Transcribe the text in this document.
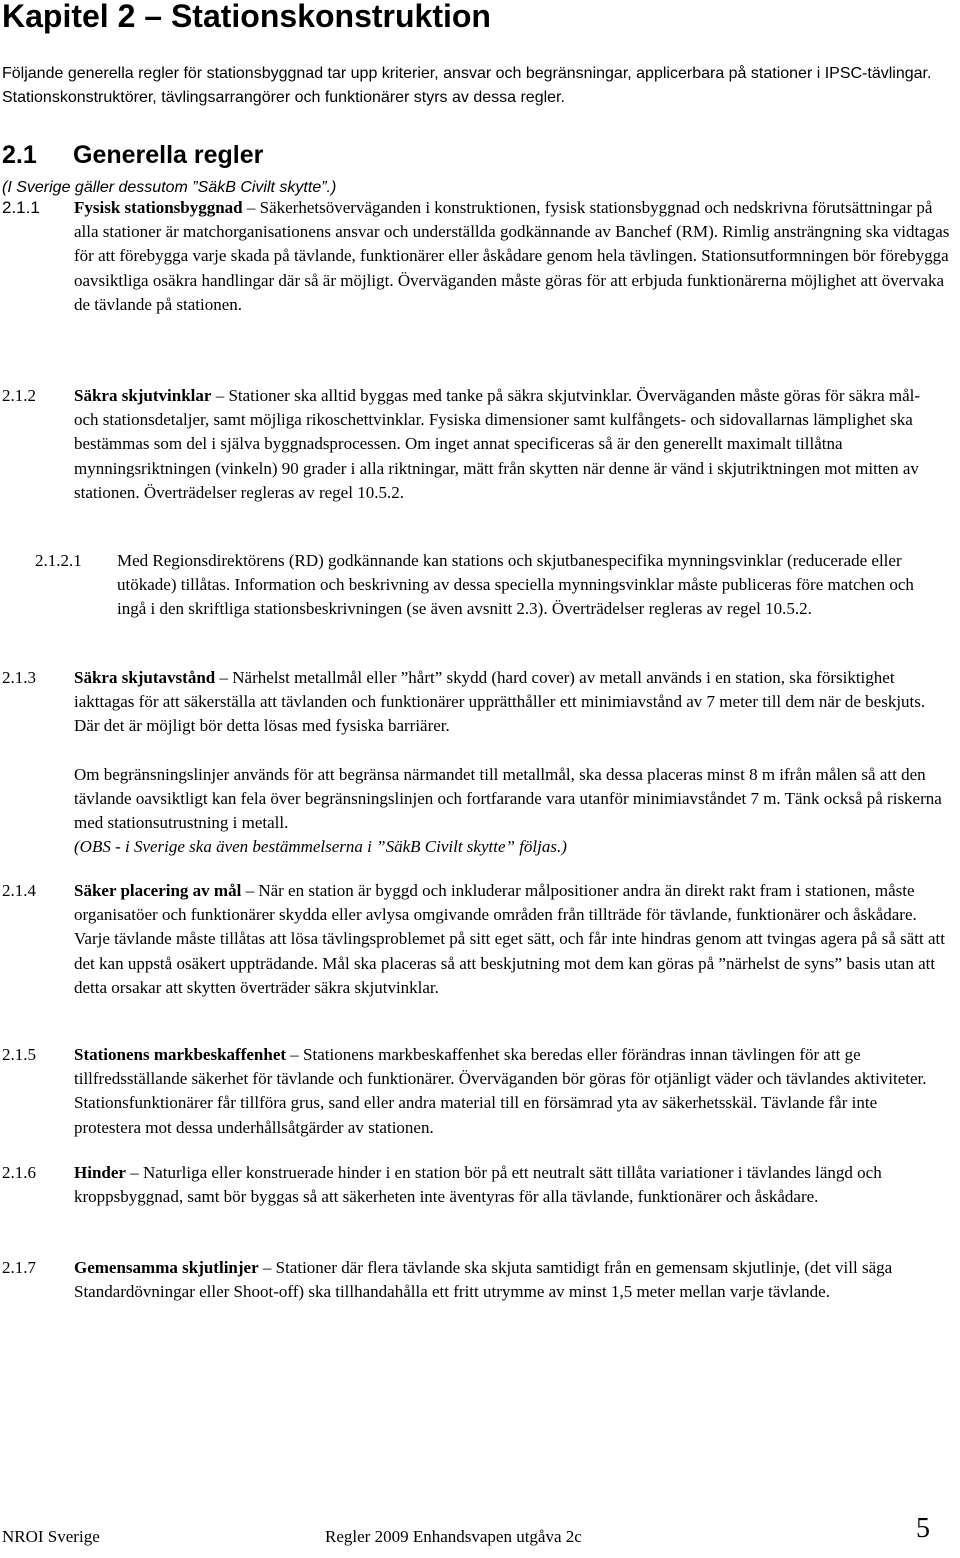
Kapitel 2 – Stationskonstruktion

Följande generella regler för stationsbyggnad tar upp kriterier, ansvar och begränsningar, applicerbara på stationer i IPSC-tävlingar. Stationskonstruktörer, tävlingsarrangörer och funktionärer styrs av dessa regler.

2.1 Generella regler

(I Sverige gäller dessutom ”SäkB Civilt skytte”.)

2.1.1 Fysisk stationsbyggnad – Säkerhetsöverväganden i konstruktionen, fysisk stationsbyggnad och nedskrivna förutsättningar på alla stationer är matchorganisationens ansvar och underställda godkännande av Banchef (RM). Rimlig ansträngning ska vidtagas för att förebygga varje skada på tävlande, funktionärer eller åskådare genom hela tävlingen. Stationsutformningen bör förebygga oavsiktliga osäkra handlingar där så är möjligt. Överväganden måste göras för att erbjuda funktionärerna möjlighet att övervaka de tävlande på stationen.

2.1.2 Säkra skjutvinklar – Stationer ska alltid byggas med tanke på säkra skjutvinklar. Överväganden måste göras för säkra mål- och stationsdetaljer, samt möjliga rikoschettvinklar. Fysiska dimensioner samt kulfångets- och sidovallarnas lämplighet ska bestämmas som del i själva byggnadsprocessen. Om inget annat specificeras så är den generellt maximalt tillåtna mynningsriktningen (vinkeln) 90 grader i alla riktningar, mätt från skytten när denne är vänd i skjutriktningen mot mitten av stationen. Överträdelser regleras av regel 10.5.2.

2.1.2.1 Med Regionsdirektörens (RD) godkännande kan stations och skjutbanespecifika mynningsvinklar (reducerade eller utökade) tillåtas. Information och beskrivning av dessa speciella mynningsvinklar måste publiceras före matchen och ingå i den skriftliga stationsbeskrivningen (se även avsnitt 2.3). Överträdelser regleras av regel 10.5.2.

2.1.3 Säkra skjutavstånd – Närhelst metallmål eller ”hårt” skydd (hard cover) av metall används i en station, ska försiktighet iakttagas för att säkerställa att tävlanden och funktionärer upprätthåller ett minimiavstånd av 7 meter till dem när de beskjuts. Där det är möjligt bör detta lösas med fysiska barriärer.

Om begränsningslinjer används för att begränsa närmandet till metallmål, ska dessa placeras minst 8 m ifrån målen så att den tävlande oavsiktligt kan fela över begränsningslinjen och fortfarande vara utanför minimiavståndet 7 m. Tänk också på riskerna med stationsutrustning i metall.
(OBS - i Sverige ska även bestämmelserna i ”SäkB Civilt skytte” följas.)

2.1.4 Säker placering av mål – När en station är byggd och inkluderar målpositioner andra än direkt rakt fram i stationen, måste organisatöer och funktionärer skydda eller avlysa omgivande områden från tillträde för tävlande, funktionärer och åskådare. Varje tävlande måste tillåtas att lösa tävlingsproblemet på sitt eget sätt, och får inte hindras genom att tvingas agera på så sätt att det kan uppstå osäkert uppträdande. Mål ska placeras så att beskjutning mot dem kan göras på ”närhelst de syns” basis utan att detta orsakar att skytten överträder säkra skjutvinklar.

2.1.5 Stationens markbeskaffenhet – Stationens markbeskaffenhet ska beredas eller förändras innan tävlingen för att ge tillfredsställande säkerhet för tävlande och funktionärer. Överväganden bör göras för otjänligt väder och tävlandes aktiviteter. Stationsfunktionärer får tillföra grus, sand eller andra material till en försämrad yta av säkerhetsskäl. Tävlande får inte protestera mot dessa underhållsåtgärder av stationen.

2.1.6 Hinder – Naturliga eller konstruerade hinder i en station bör på ett neutralt sätt tillåta variationer i tävlandes längd och kroppsbyggnad, samt bör byggas så att säkerheten inte äventyras för alla tävlande, funktionärer och åskådare.

2.1.7 Gemensamma skjutlinjer – Stationer där flera tävlande ska skjuta samtidigt från en gemensam skjutlinje, (det vill säga Standardövningar eller Shoot-off) ska tillhandahålla ett fritt utrymme av minst 1,5 meter mellan varje tävlande.

NROI Sverige	Regler 2009 Enhandsvapen utgåva 2c	5
